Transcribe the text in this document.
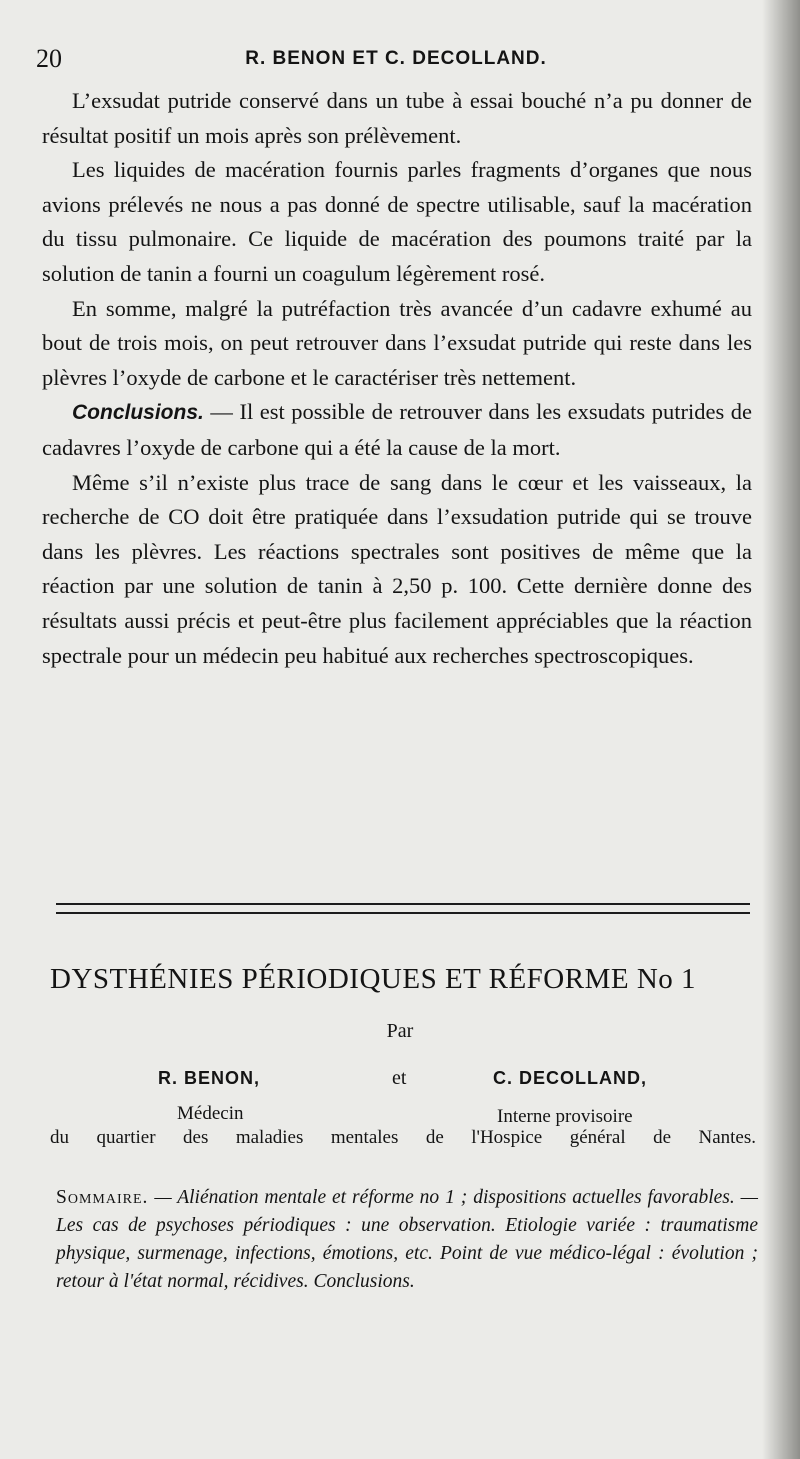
20	R. BENON ET C. DECOLLAND.

L’exsudat putride conservé dans un tube à essai bouché n’a pu donner de résultat positif un mois après son prélèvement.

Les liquides de macération fournis parles fragments d’organes que nous avions prélevés ne nous a pas donné de spectre utilisable, sauf la macération du tissu pulmonaire. Ce liquide de macération des poumons traité par la solution de tanin a fourni un coagulum légèrement rosé.

En somme, malgré la putréfaction très avancée d’un cadavre exhumé au bout de trois mois, on peut retrouver dans l’exsudat putride qui reste dans les plèvres l’oxyde de carbone et le caractériser très nettement.

Conclusions. — Il est possible de retrouver dans les exsudats putrides de cadavres l’oxyde de carbone qui a été la cause de la mort.

Même s’il n’existe plus trace de sang dans le cœur et les vaisseaux, la recherche de CO doit être pratiquée dans l’exsudation putride qui se trouve dans les plèvres. Les réactions spectrales sont positives de même que la réaction par une solution de tanin à 2,50 p. 100. Cette dernière donne des résultats aussi précis et peut-être plus facilement appréciables que la réaction spectrale pour un médecin peu habitué aux recherches spectroscopiques.

DYSTHÉNIES PÉRIODIQUES ET RÉFORME No 1
Par
R. BENON,	et	C. DECOLLAND,
Médecin	Interne provisoire
du quartier des maladies mentales de l'Hospice général de Nantes.
Sommaire. — Aliénation mentale et réforme no 1 ; dispositions actuelles favorables. — Les cas de psychoses périodiques : une observation. Etiologie variée : traumatisme physique, surmenage, infections, émotions, etc. Point de vue médico-légal : évolution ; retour à l'état normal, récidives. Conclusions.
